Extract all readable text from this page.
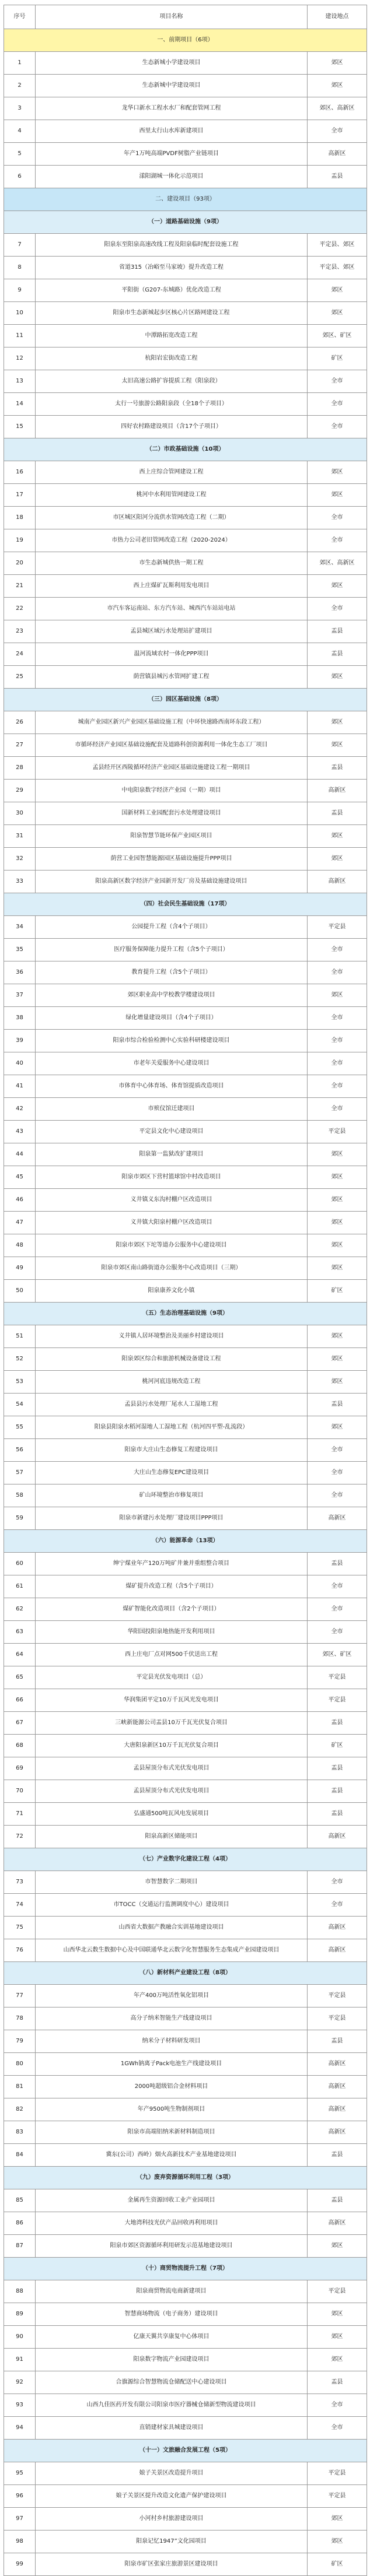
序号	项目名称	建设地点
一、前期项目（6项）		
1	生态新城小学建设项目	郊区
2	生态新城中学建设项目	郊区
3	龙华口新水工程水水厂和配套管网工程	郊区、高新区
4	西里太行山水库新建项目	全市
5	年产1万吨高端PVDF树脂产业链项目	高新区
6	漾阳湖城一体化示范项目	盂县
二、建设项目（93项）		
（一）道路基础设施（9项）		
7	阳泉东至阳泉高速改线工程及阳泉临时配套设施工程	平定县、郊区
8	省道315（冶峪至马家坡）提升改造工程	平定县、郊区
9	平阳街（G207-东城路）优化改造工程	郊区
10	阳泉市生态新城起步区核心片区路网建设工程	郊区
11	中潭路拓宽改造工程	郊区、矿区
12	杭阳岩宏街改造工程	矿区
13	太旧高速公路扩容提质工程（阳泉段）	全市
14	太行一号旅游公路阳泉段（全18个子项目）	全市
15	四好农村路建设项目（含17个子项目）	全市
（二）市政基础设施（10项）		
16	西上庄综合管网建设工程	郊区
17	桃河中水利用管网建设工程	郊区
18	市区城区阳河分流供水管网改造工程（二期）	全市
19	市热力公司老旧管网改造工程（2020-2024）	全市
20	市生态新城供热一期工程	郊区、高新区
21	西上庄煤矿瓦斯利用发电项目	郊区
22	市汽车客运南站、东方汽车站、城西汽车站站电站	全市
23	孟县城区域污水处理站扩建项目	盂县
24	温河流域农村一体化PPP项目	盂县
25	荫营镇县城污水管网扩建工程	郊区
（三）园区基础设施（8项）		
26	城南产业园区新兴产业园区基础设施工程（中环快速路西南环东段工程）	郊区
27	市循环经济产业园区基础设施配套及道路科创资源利用一体化生态工厂项目	郊区
28	孟县经开区西陵循环经济产业园区基础设施建设工程一期项目	盂县
29	中电阳泉数字经济产业园（一期）项目	高新区
30	国新材料工业园配套污水处理建设项目	盂县
31	阳泉智慧节能环保产业园区项目	郊区
32	荫营工业园智慧能源园区基础设施提升PPP项目	郊区
33	阳泉高新区数字经济产业园新开发厂房及基础设施建设项目	高新区
（四）社会民生基础设施（17项）		
34	公园提升工程（含4个子项目）	平定县
35	医疗服务保障能力提升工程（含5个子项目）	全市
36	教育提升工程（含5个子项目）	全市
37	郊区职业高中学校教学楼建设项目	郊区
38	绿化增量建设项目（含4个子项目）	全市
39	阳泉市综合检验检测中心实验科研楼建设项目	全市
40	市老年关爱服务中心建设项目	全市
41	市体育中心体育场、体育馆提质改造项目	全市
42	市殡仪馆迁建项目	全市
43	平定县文化中心建设项目	平定县
44	阳泉第一监狱改扩建项目	郊区
45	阳泉市郊区下营村篮球馆中村改造项目	郊区
46	义井镇义东沟村棚户区改造项目	郊区
47	义井镇大阳泉村棚户区改造项目	郊区
48	阳泉市郊区下坨等道办公服务中心建设项目	郊区
49	阳泉市郊区南山路街道办公服务中心改造项目（三期）	郊区
50	阳泉康养文化小镇	矿区
（五）生态治理基础设施（9项）		
51	义井镇人居环境整治及美丽乡村建设项目	郊区
52	阳泉郊区综合和旅游机械设备建设工程	郊区
53	桃河河底违规改造工程	郊区
54	孟县县污水处理厂尾水人工湿地工程	盂县
55	阳泉县阳泉水稻河湿地人工湿地工程（杭河四平塑-乱流段）	郊区
56	阳泉市大庄山生态修复工程建设项目	全市
57	大庄山生态修复EPC建设项目	全市
58	矿山环境整治市修复项目	全市
59	阳泉市新建污水处理厂建设项目PPP项目	高新区
（六）能源革命（13项）		
60	绅宁煤业年产120万吨矿井兼并重组整合项目	盂县
61	煤矿提升改造工程（含5个子项目）	全市
62	煤矿智能化改造项目（含2个子项目）	全市
63	华阳国投阳泉地热能开发利用项目	全市
64	西上庄电厂点对网500千伏送出工程	郊区、矿区
65	平定县光伏发电项目（总）	平定县
66	华润集团平定10万千瓦风光发电项目	平定县
67	三峡新能源公司盂县10万千瓦光伏复合项目	盂县
68	大唐阳泉新区10万千瓦光伏复合项目	矿区
69	孟县屋顶分布式光伏发电项目	盂县
70	孟县屋顶分布式光伏发电项目	盂县
71	弘盛通500吨瓦风电发展项目	盂县
72	阳泉高新区储能项目	高新区
（七）产业数字化建设工程（4项）		
73	市智慧数字二期项目	全市
74	市TOCC（交通运行监测调度中心）建设项目	全市
75	山西省大数据产教融合实训基地建设项目	高新区
76	山西华北云数生数据中心及中国联通华北云数字化智慧服务生态集成产业园建设项目	高新区
（八）新材料产业建设工程（8项）		
77	年产400万吨活性氧化铝项目	平定县
78	高分子纳米智能生产线建设项目	平定县
79	纳米分子材料研发项目	盂县
80	1GWh钠离子Pack电池生产线建设项目	高新区
81	2000吨超级铝合金材料项目	高新区
82	年产9500吨生物制剂项目	高新区
83	阳泉市高端铝纳米新材料制造项目	高新区
84	冀东(公司）西岭）烟火高新技术产业基地建设项目	盂县
（九）废弃资源循环利用工程（3项）		
85	金属再生资源回收工业产业园项目	盂县
86	大地湾科技光伏产品回收再利用项目	高新区
87	阳泉市郊区资源循环利用研发示范基地建设项目	郊区
（十）商贸物流提升工程（7项）		
88	阳泉商贸物流电商新建项目	平定县
89	智慧商场物流（电子商务）建设项目	郊区
90	亿康天翼共享康复中心体项目	郊区
91	阳泉数字物流产业园建设项目	郊区
92	合旗源综合智慧物流仓储配送中心建设项目	盂县
93	山西九佳医药开发有限公司阳泉市医疗器械仓储新型物流建设项目	全市
94	直销建材家具城建设项目	全市
（十一）文旅融合发展工程（5项）		
95	娘子关景区改造提升项目	平定县
96	娘子关景区提升改造文化遗产保护建设项目	平定县
97	小河村乡村旅游建设项目	郊区
98	阳泉记忆1947”文化园项目	郊区
99	阳泉市矿区张家庄旅游景区建设项目	矿区
